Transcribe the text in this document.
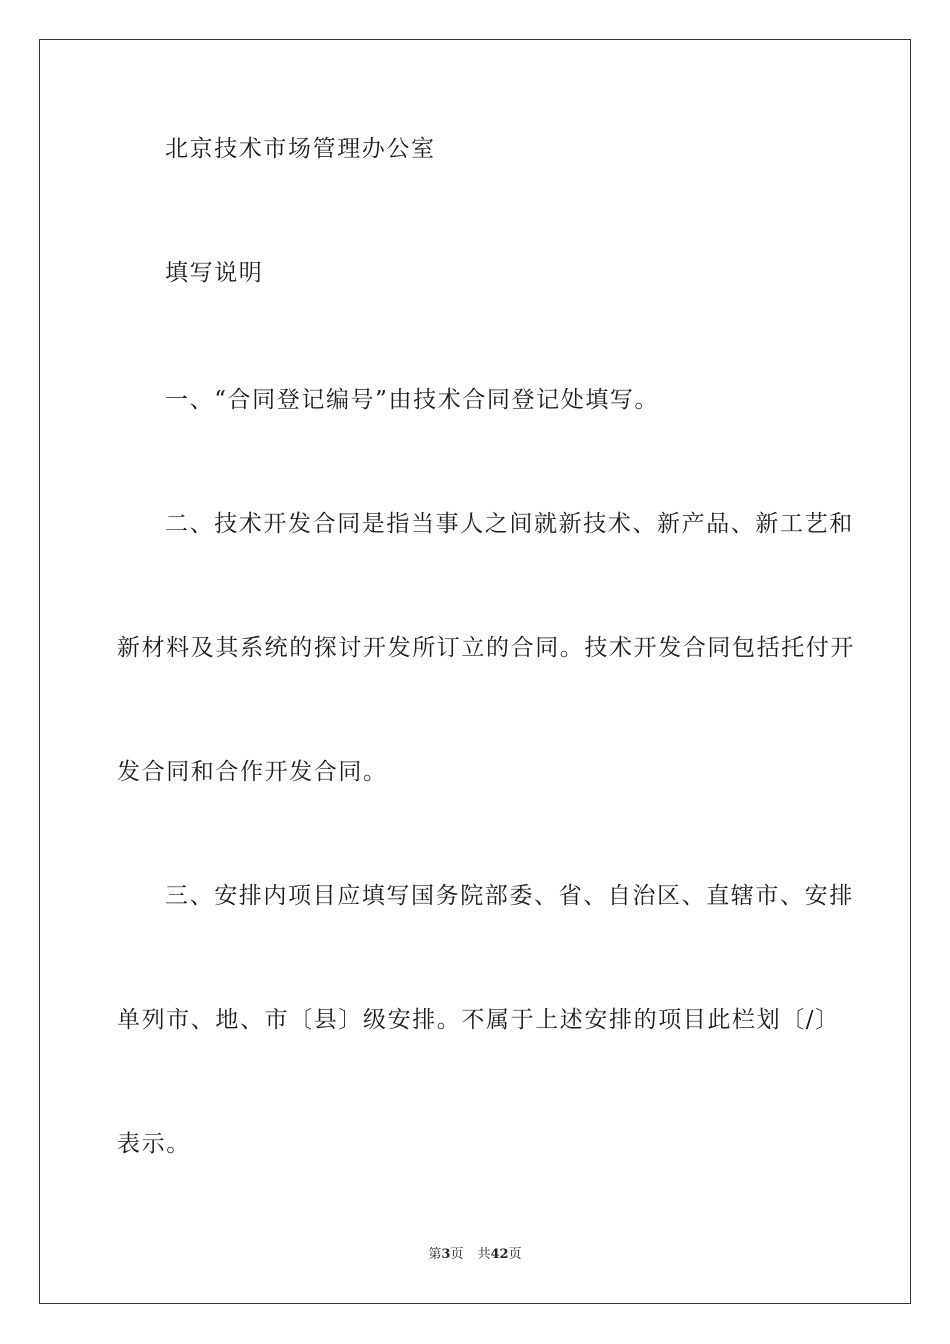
北京技术市场管理办公室
填写说明
一、“合同登记编号”由技术合同登记处填写。
二、技术开发合同是指当事人之间就新技术、新产品、新工艺和
新材料及其系统的探讨开发所订立的合同。技术开发合同包括托付开
发合同和合作开发合同。
三、安排内项目应填写国务院部委、省、自治区、直辖市、安排
单列市、地、市〔县〕级安排。不属于上述安排的项目此栏划〔/〕
表示。
第3页 共42页
